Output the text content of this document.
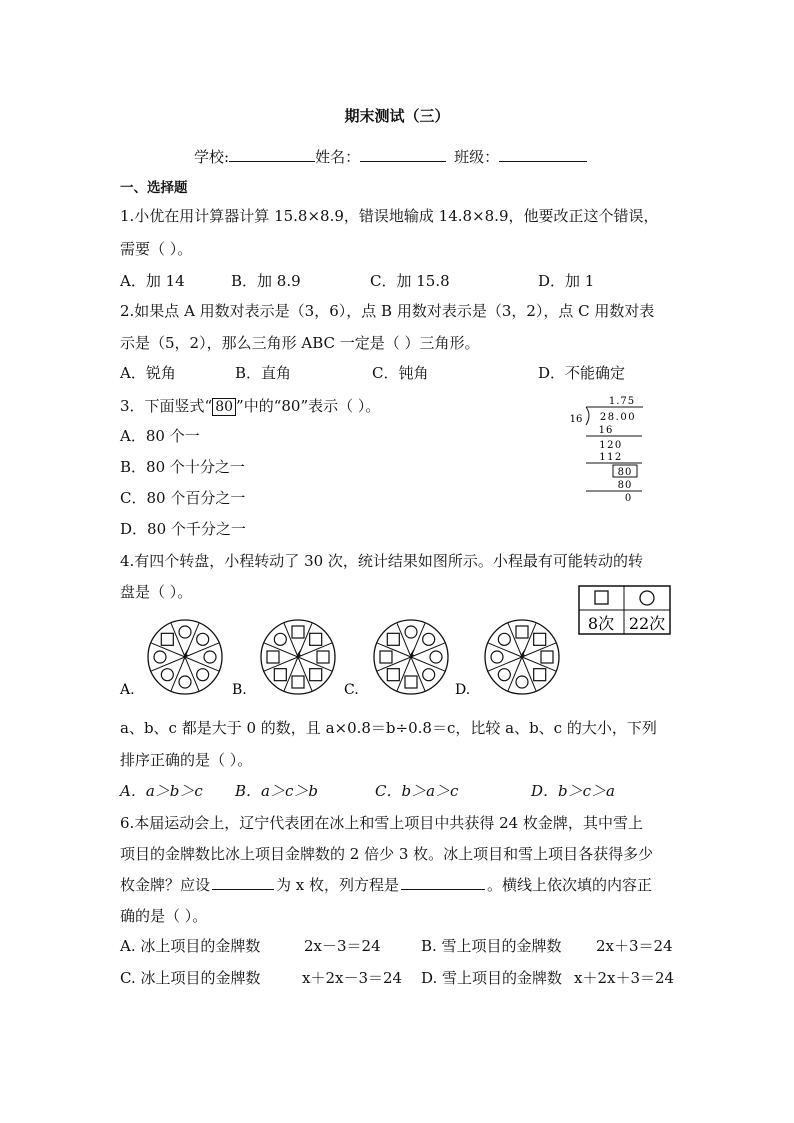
期末测试（三）
学校:	姓名：	班级：
一、选择题
1.小优在用计算器计算 15.8×8.9，错误地输成 14.8×8.9，他要改正这个错误，
需要（ ）。
A．加 14	B．加 8.9	C．加 15.8	D．加 1
2.如果点 A 用数对表示是（3，6），点 B 用数对表示是（3，2），点 C 用数对表
示是（5，2），那么三角形 ABC 一定是（ ）三角形。
A．锐角	B．直角	C．钝角	D．不能确定
3．下面竖式“ 80 ”中的“80”表示（ ）。
A．80 个一
B．80 个十分之一
C．80 个百分之一
D．80 个千分之一
1.75
16 28.00
16
120
112
80
80
0
4.有四个转盘，小程转动了 30 次，统计结果如图所示。小程最有可能转动的转
盘是（ ）。
8次 22次
A.	B.	C.	D.
a、b、c 都是大于 0 的数，且 a×0.8＝b÷0.8＝c，比较 a、b、c 的大小，下列
排序正确的是（ ）。
A．a＞b＞c B．a＞c＞b	C．b＞a＞c	D．b＞c＞a
6.本届运动会上，辽宁代表团在冰上和雪上项目中共获得 24 枚金牌，其中雪上
项目的金牌数比冰上项目金牌数的 2 倍少 3 枚。冰上项目和雪上项目各获得多少
枚金牌？应设	为 x 枚，列方程是	。横线上依次填的内容正
确的是（ ）。
A. 冰上项目的金牌数	2x－3＝24	B. 雪上项目的金牌数 2x＋3＝24
C. 冰上项目的金牌数	x＋2x－3＝24 D. 雪上项目的金牌数 x＋2x＋3＝24
